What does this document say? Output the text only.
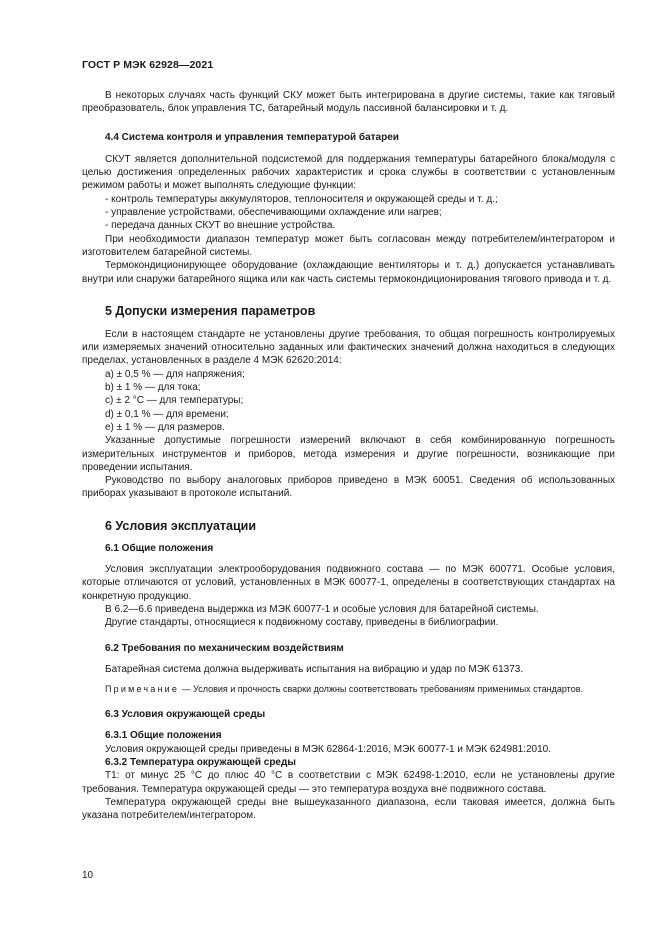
ГОСТ Р МЭК 62928—2021

В некоторых случаях часть функций СКУ может быть интегрирована в другие системы, такие как тяговый преобразователь, блок управления ТС, батарейный модуль пассивной балансировки и т. д.

4.4 Система контроля и управления температурой батареи

СКУТ является дополнительной подсистемой для поддержания температуры батарейного блока/модуля с целью достижения определенных рабочих характеристик и срока службы в соответствии с установленным режимом работы и может выполнять следующие функции:

- контроль температуры аккумуляторов, теплоносителя и окружающей среды и т. д.;

- управление устройствами, обеспечивающими охлаждение или нагрев;

- передача данных СКУТ во внешние устройства.

При необходимости диапазон температур может быть согласован между потребителем/интегратором и изготовителем батарейной системы.

Термокондиционирующее оборудование (охлаждающие вентиляторы и т. д.) допускается устанавливать внутри или снаружи батарейного ящика или как часть системы термокондиционирования тягового привода и т. д.

5 Допуски измерения параметров

Если в настоящем стандарте не установлены другие требования, то общая погрешность контролируемых или измеряемых значений относительно заданных или фактических значений должна находиться в следующих пределах, установленных в разделе 4 МЭК 62620:2014:

a) ± 0,5 % — для напряжения;

b) ± 1 % — для тока;

c) ± 2 °С — для температуры;

d) ± 0,1 % — для времени;

e) ± 1 % — для размеров.

Указанные допустимые погрешности измерений включают в себя комбинированную погрешность измерительных инструментов и приборов, метода измерения и другие погрешности, возникающие при проведении испытания.

Руководство по выбору аналоговых приборов приведено в МЭК 60051. Сведения об использованных приборах указывают в протоколе испытаний.

6 Условия эксплуатации
6.1 Общие положения

Условия эксплуатации электрооборудования подвижного состава — по МЭК 600771. Особые условия, которые отличаются от условий, установленных в МЭК 60077-1, определены в соответствующих стандартах на конкретную продукцию.

В 6.2—6.6 приведена выдержка из МЭК 60077-1 и особые условия для батарейной системы.

Другие стандарты, относящиеся к подвижному составу, приведены в библиографии.

6.2 Требования по механическим воздействиям

Батарейная система должна выдерживать испытания на вибрацию и удар по МЭК 61373.

Примечание — Условия и прочность сварки должны соответствовать требованиям применимых стандартов.

6.3 Условия окружающей среды
6.3.1 Общие положения

Условия окружающей среды приведены в МЭК 62864-1:2016, МЭК 60077-1 и МЭК 624981:2010.

6.3.2 Температура окружающей среды

Т1: от минус 25 °С до плюс 40 °С в соответствии с МЭК 62498-1:2010, если не установлены другие требования. Температура окружающей среды — это температура воздуха вне подвижного состава.

Температура окружающей среды вне вышеуказанного диапазона, если таковая имеется, должна быть указана потребителем/интегратором.

10
